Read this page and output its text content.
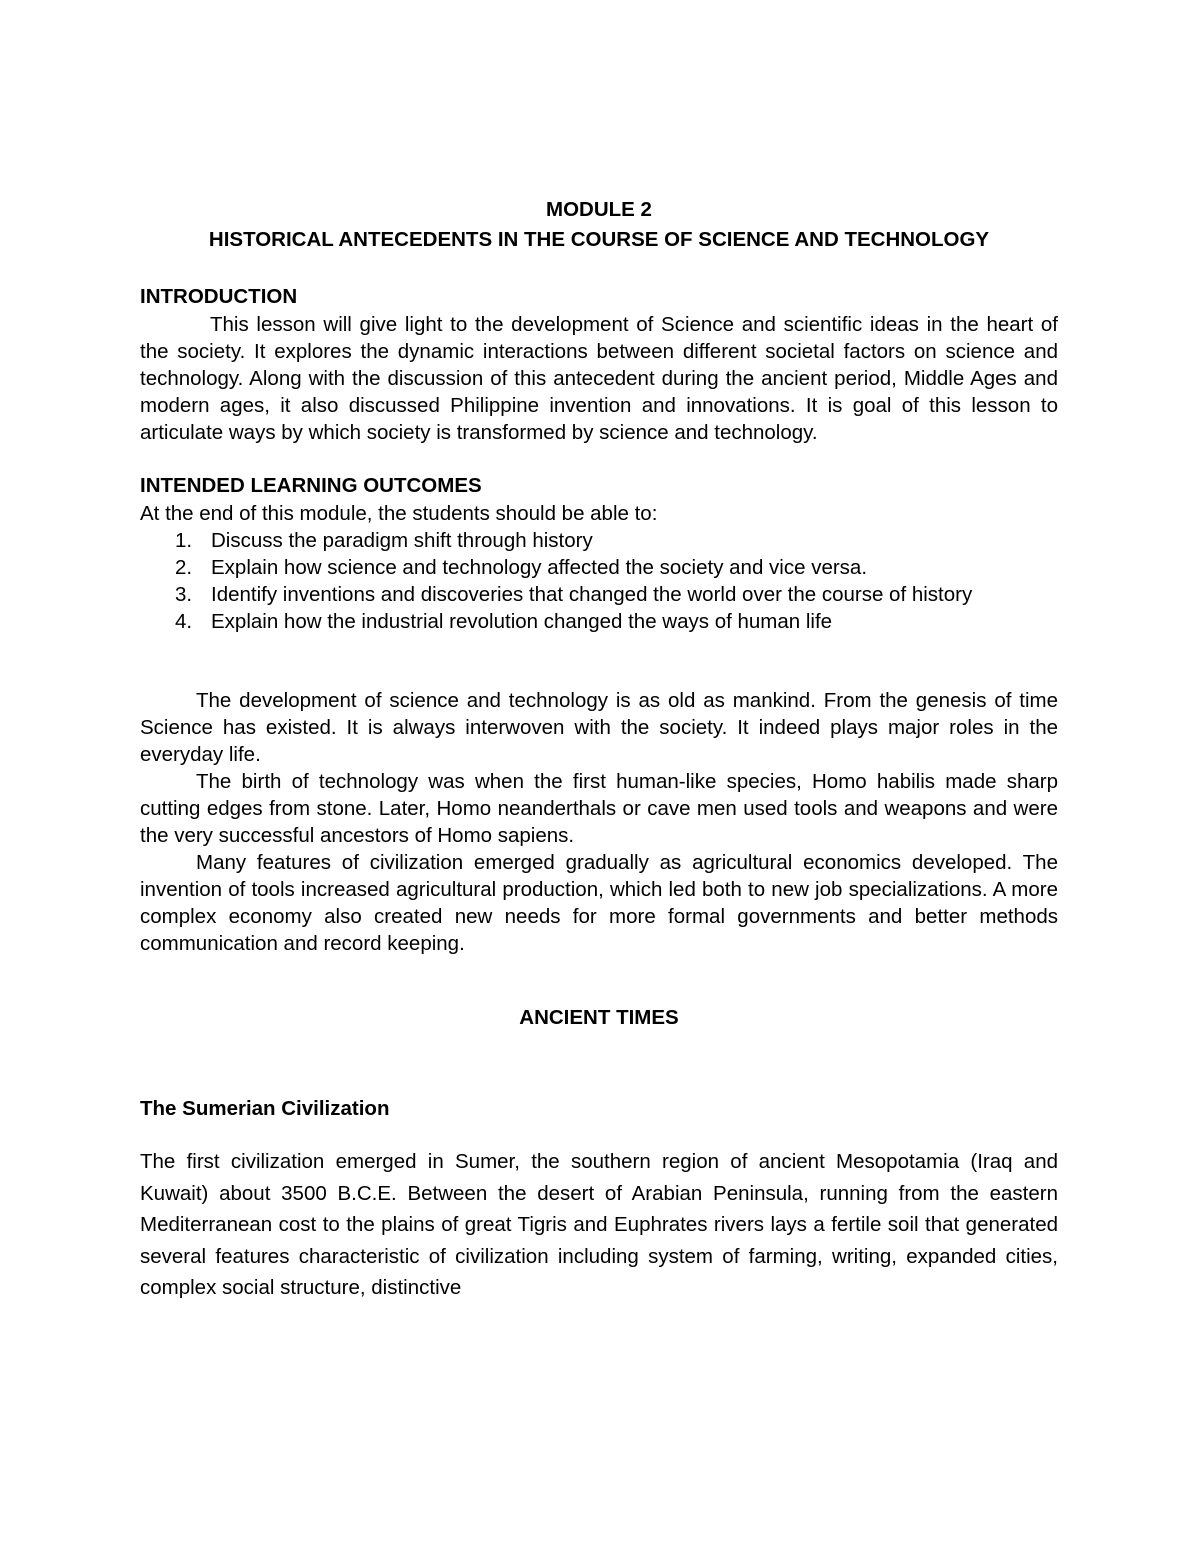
MODULE 2

HISTORICAL ANTECEDENTS IN THE COURSE OF SCIENCE AND TECHNOLOGY

INTRODUCTION

This lesson will give light to the development of Science and scientific ideas in the heart of the society. It explores the dynamic interactions between different societal factors on science and technology. Along with the discussion of this antecedent during the ancient period, Middle Ages and modern ages, it also discussed Philippine invention and innovations. It is goal of this lesson to articulate ways by which society is transformed by science and technology.

INTENDED LEARNING OUTCOMES

At the end of this module, the students should be able to:

1. Discuss the paradigm shift through history
2. Explain how science and technology affected the society and vice versa.
3. Identify inventions and discoveries that changed the world over the course of history
4. Explain how the industrial revolution changed the ways of human life

The development of science and technology is as old as mankind. From the genesis of time Science has existed. It is always interwoven with the society. It indeed plays major roles in the everyday life.

The birth of technology was when the first human-like species, Homo habilis made sharp cutting edges from stone. Later, Homo neanderthals or cave men used tools and weapons and were the very successful ancestors of Homo sapiens.

Many features of civilization emerged gradually as agricultural economics developed. The invention of tools increased agricultural production, which led both to new job specializations. A more complex economy also created new needs for more formal governments and better methods communication and record keeping.

ANCIENT TIMES

The Sumerian Civilization

The first civilization emerged in Sumer, the southern region of ancient Mesopotamia (Iraq and Kuwait) about 3500 B.C.E. Between the desert of Arabian Peninsula, running from the eastern Mediterranean cost to the plains of great Tigris and Euphrates rivers lays a fertile soil that generated several features characteristic of civilization including system of farming, writing, expanded cities, complex social structure, distinctive
